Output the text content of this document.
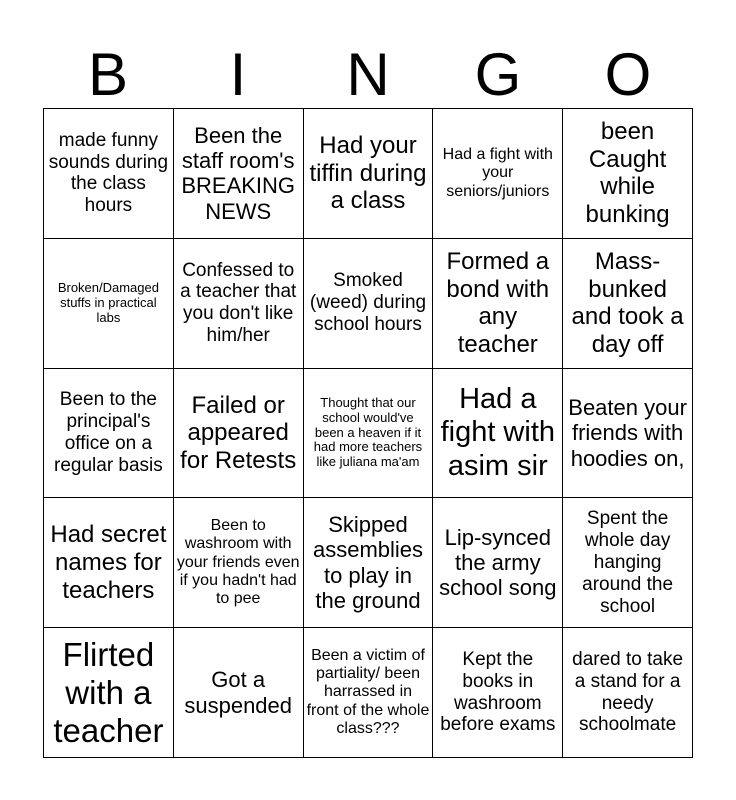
B	I	N	G	O
made funny sounds during the class hours
Been the staff room's BREAKING NEWS
Had your tiffin during a class
Had a fight with your seniors/juniors
been Caught while bunking
Broken/Damaged stuffs in practical labs
Confessed to a teacher that you don't like him/her
Smoked (weed) during school hours
Formed a bond with any teacher
Mass-bunked and took a day off
Been to the principal's office on a regular basis
Failed or appeared for Retests
Thought that our school would've been a heaven if it had more teachers like juliana ma'am
Had a fight with asim sir
Beaten your friends with hoodies on,
Had secret names for teachers
Been to washroom with your friends even if you hadn't had to pee
Skipped assemblies to play in the ground
Lip-synced the army school song
Spent the whole day hanging around the school
Flirted with a teacher
Got a suspended
Been a victim of partiality/ been harrassed in front of the whole class???
Kept the books in washroom before exams
dared to take a stand for a needy schoolmate
